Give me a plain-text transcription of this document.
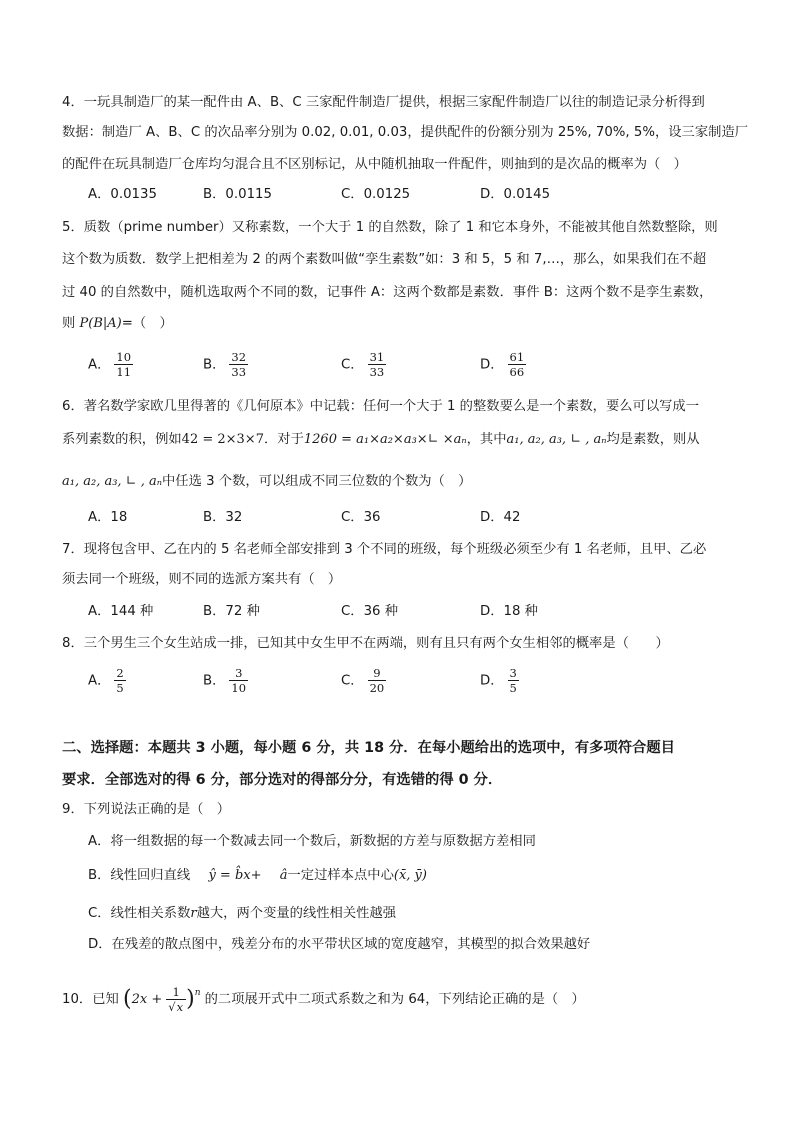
4．一玩具制造厂的某一配件由 A、B、C 三家配件制造厂提供，根据三家配件制造厂以往的制造记录分析得到
数据：制造厂 A、B、C 的次品率分别为 0.02, 0.01, 0.03，提供配件的份额分别为 25%, 70%, 5%，设三家制造厂
的配件在玩具制造厂仓库均匀混合且不区别标记，从中随机抽取一件配件，则抽到的是次品的概率为（　）
A．0.0135	B．0.0115	C．0.0125	D．0.0145
5．质数（prime number）又称素数，一个大于 1 的自然数，除了 1 和它本身外，不能被其他自然数整除，则
这个数为质数．数学上把相差为 2 的两个素数叫做“孪生素数”如：3 和 5，5 和 7,…，那么，如果我们在不超
过 40 的自然数中，随机选取两个不同的数，记事件 A：这两个数都是素数．事件 B：这两个数不是孪生素数，
则 P(B|A)=（　）
A． $\frac{10}{11}$	B． $\frac{32}{33}$	C． $\frac{31}{33}$	D． $\frac{61}{66}$
6．著名数学家欧几里得著的《几何原本》中记载：任何一个大于 1 的整数要么是一个素数，要么可以写成一
系列素数的积，例如42 = 2×3×7．对于1260 = a₁×a₂×a₃×∟ ×aₙ，其中a₁, a₂, a₃, ∟ , aₙ均是素数，则从
a₁, a₂, a₃, ∟ , aₙ中任选 3 个数，可以组成不同三位数的个数为（　）
A．18	B．32	C．36	D．42
7．现将包含甲、乙在内的 5 名老师全部安排到 3 个不同的班级，每个班级必须至少有 1 名老师，且甲、乙必
须去同一个班级，则不同的选派方案共有（　）
A．144 种	B．72 种	C．36 种	D．18 种
8．三个男生三个女生站成一排，已知其中女生甲不在两端，则有且只有两个女生相邻的概率是（　　）
A． $\frac{2}{5}$	B． $\frac{3}{10}$	C． $\frac{9}{20}$	D． $\frac{3}{5}$
二、选择题：本题共 3 小题，每小题 6 分，共 18 分．在每小题给出的选项中，有多项符合题目
要求．全部选对的得 6 分，部分选对的得部分分，有选错的得 0 分．
9．下列说法正确的是（　）
A．将一组数据的每一个数减去同一个数后，新数据的方差与原数据方差相同
B．线性回归直线 ŷ = b̂x+ â一定过样本点中心(x̄, ȳ)
C．线性相关系数r越大，两个变量的线性相关性越强
D．在残差的散点图中，残差分布的水平带状区域的宽度越窄，其模型的拟合效果越好
10．已知 $(2x + \frac{1}{√x} )^n$ 的二项展开式中二项式系数之和为 64，下列结论正确的是（　）
